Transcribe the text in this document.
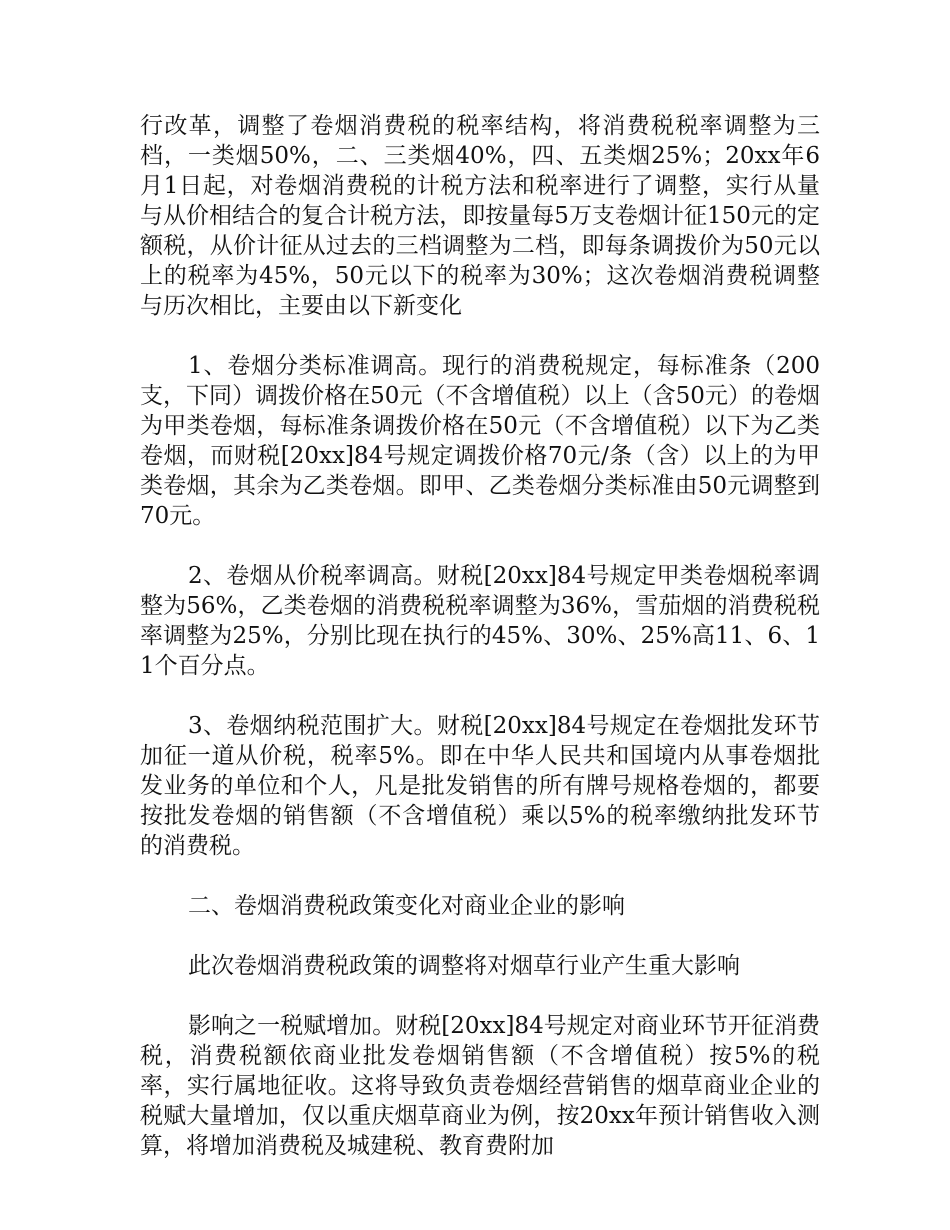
行改革，调整了卷烟消费税的税率结构，将消费税税率调整为三档，一类烟50%，二、三类烟40%，四、五类烟25%；20xx年6月1日起，对卷烟消费税的计税方法和税率进行了调整，实行从量与从价相结合的复合计税方法，即按量每5万支卷烟计征150元的定额税，从价计征从过去的三档调整为二档，即每条调拨价为50元以上的税率为45%，50元以下的税率为30%；这次卷烟消费税调整与历次相比，主要由以下新变化

1、卷烟分类标准调高。现行的消费税规定，每标准条（200支，下同）调拨价格在50元（不含增值税）以上（含50元）的卷烟为甲类卷烟，每标准条调拨价格在50元（不含增值税）以下为乙类卷烟，而财税[20xx]84号规定调拨价格70元/条（含）以上的为甲类卷烟，其余为乙类卷烟。即甲、乙类卷烟分类标准由50元调整到70元。

2、卷烟从价税率调高。财税[20xx]84号规定甲类卷烟税率调整为56%，乙类卷烟的消费税税率调整为36%，雪茄烟的消费税税率调整为25%，分别比现在执行的45%、30%、25%高11、6、11个百分点。

3、卷烟纳税范围扩大。财税[20xx]84号规定在卷烟批发环节加征一道从价税，税率5%。即在中华人民共和国境内从事卷烟批发业务的单位和个人，凡是批发销售的所有牌号规格卷烟的，都要按批发卷烟的销售额（不含增值税）乘以5%的税率缴纳批发环节的消费税。

二、卷烟消费税政策变化对商业企业的影响

此次卷烟消费税政策的调整将对烟草行业产生重大影响

影响之一税赋增加。财税[20xx]84号规定对商业环节开征消费税，消费税额依商业批发卷烟销售额（不含增值税）按5%的税率，实行属地征收。这将导致负责卷烟经营销售的烟草商业企业的税赋大量增加，仅以重庆烟草商业为例，按20xx年预计销售收入测算，将增加消费税及城建税、教育费附加
